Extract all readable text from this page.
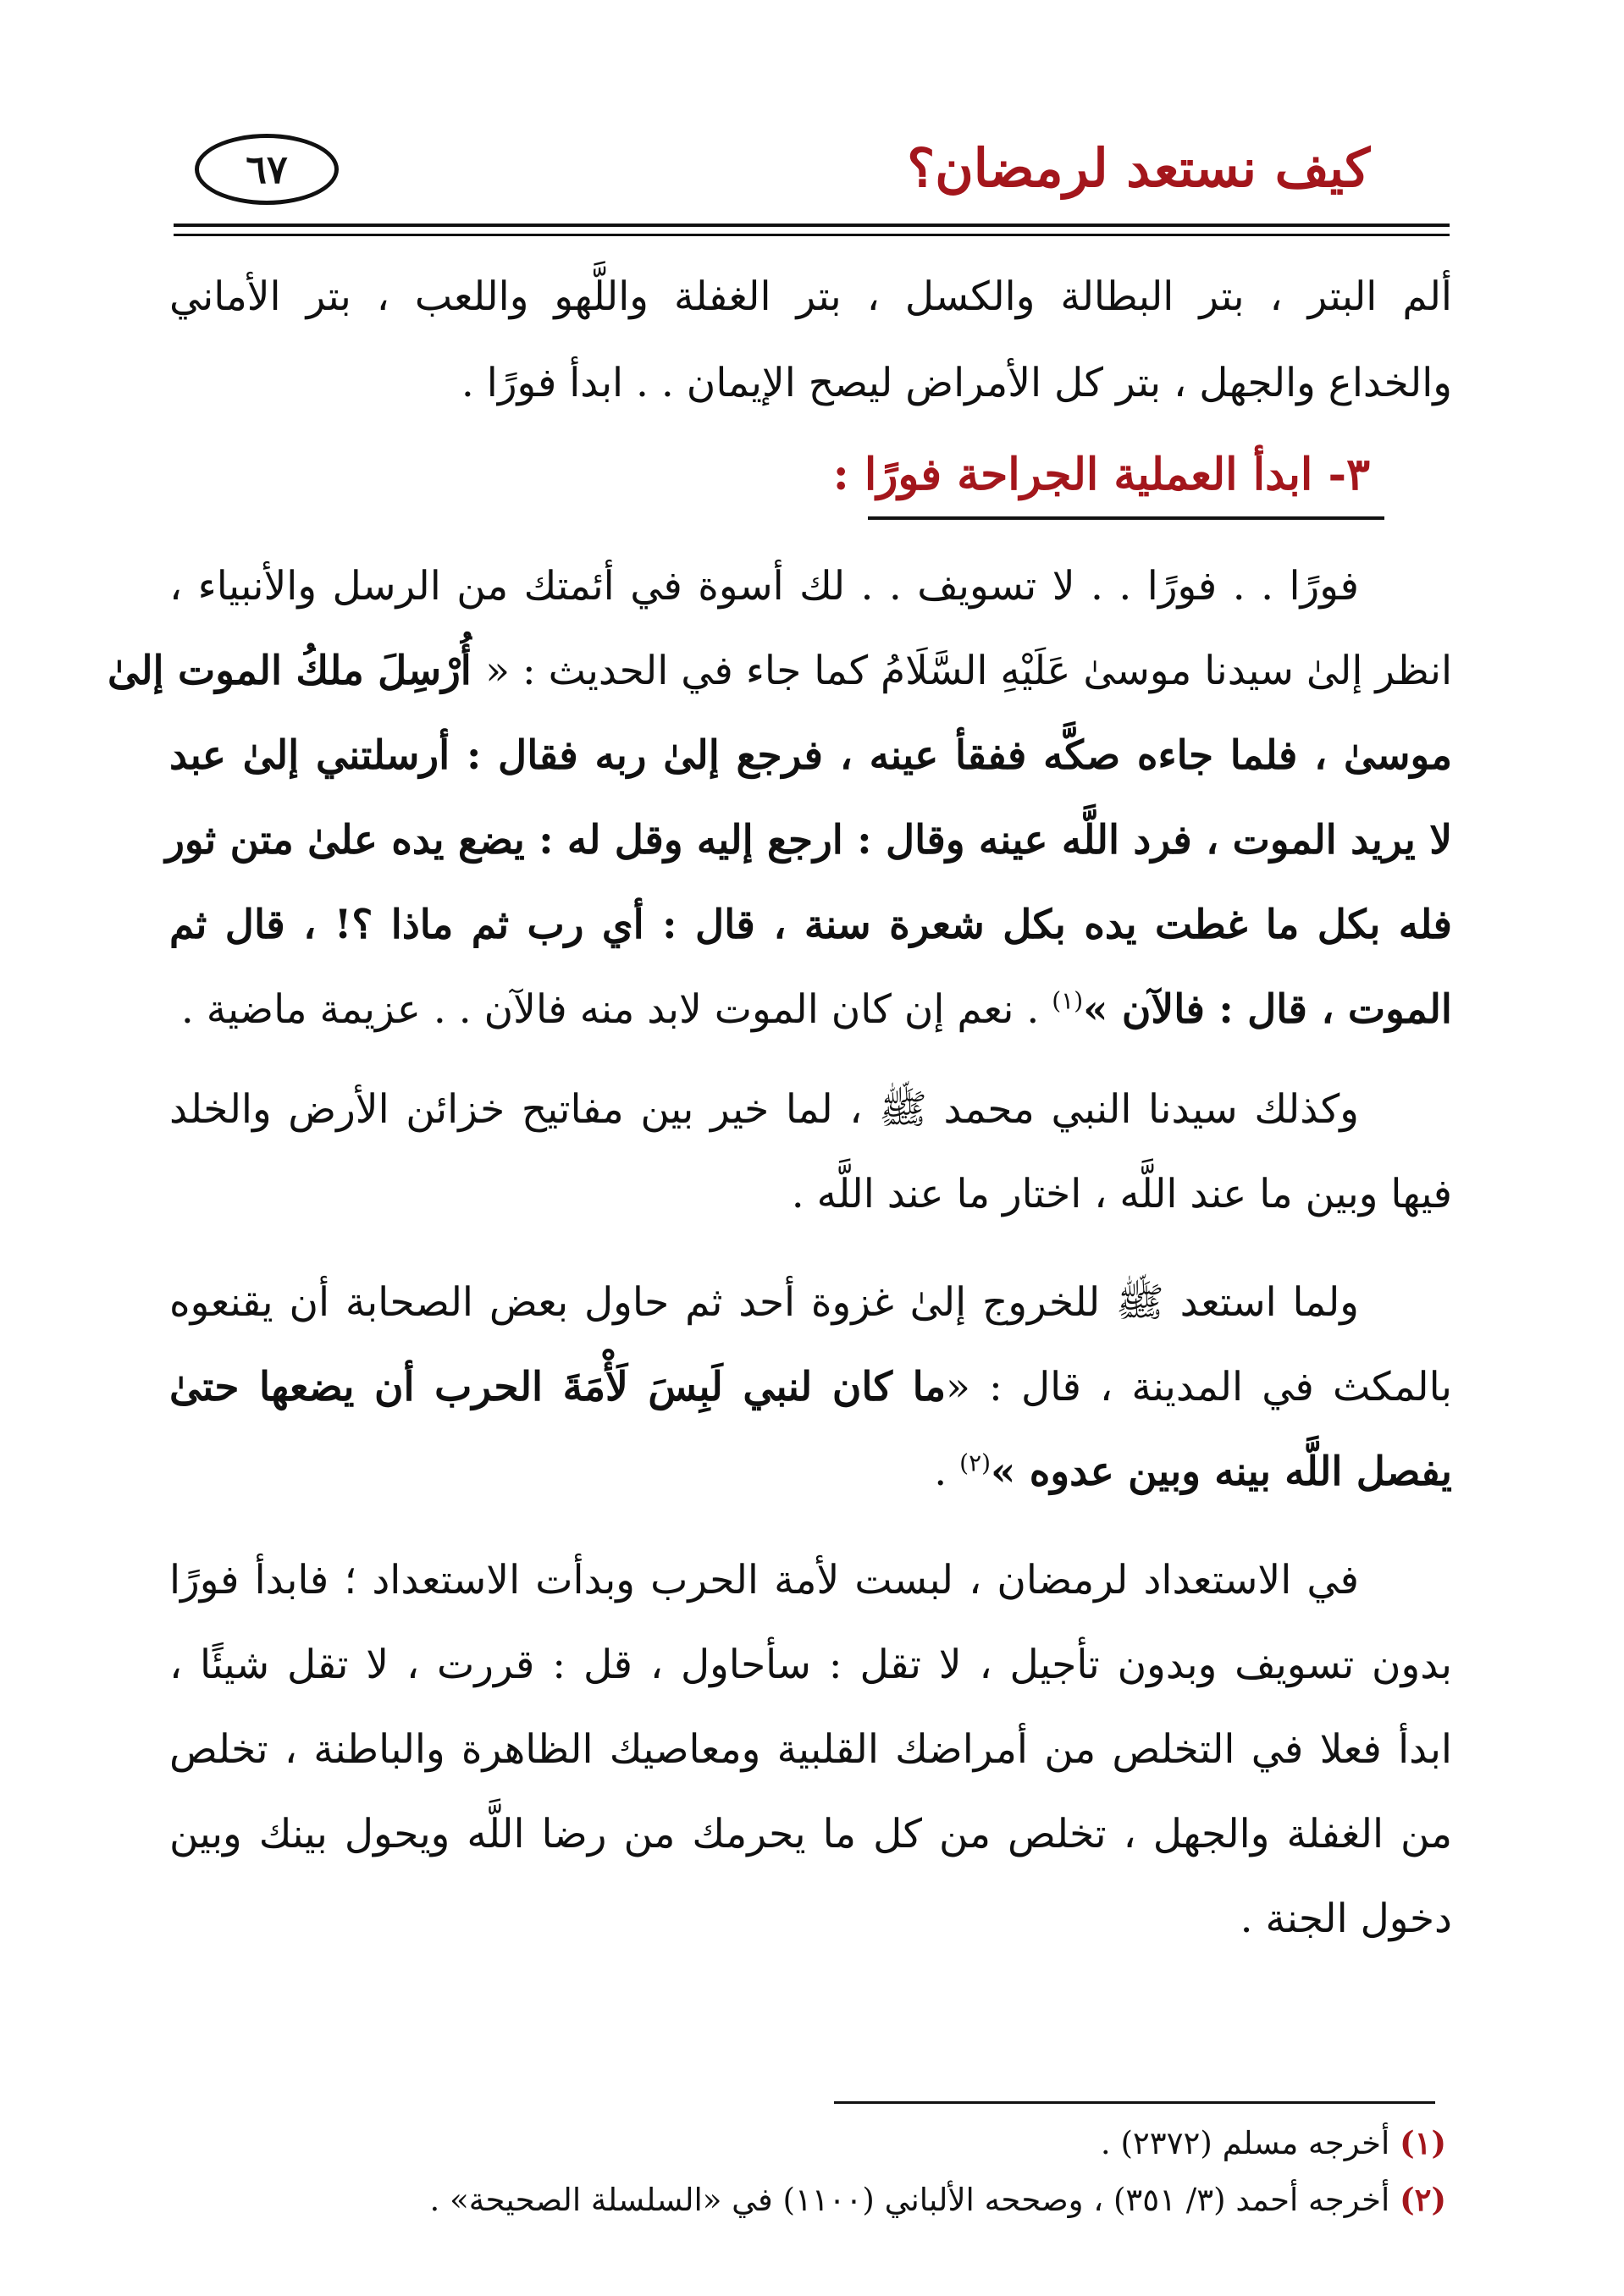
كيف نستعد لرمضان؟
٦٧
ألم البتر ، بتر البطالة والكسل ، بتر الغفلة واللَّهو واللعب ، بتر الأماني
والخداع والجهل ، بتر كل الأمراض ليصح الإيمان . . ابدأ فورًا .
٣- ابدأ العملية الجراحة فورًا :
فورًا . . فورًا . . لا تسويف . . لك أسوة في أئمتك من الرسل والأنبياء ،
انظر إلىٰ سيدنا موسىٰ عَلَيْهِ السَّلَامُ كما جاء في الحديث : « أُرْسِلَ ملكُ الموت إلىٰ
موسىٰ ، فلما جاءه صكَّه ففقأ عينه ، فرجع إلىٰ ربه فقال : أرسلتني إلىٰ عبد
لا يريد الموت ، فرد اللَّه عينه وقال : ارجع إليه وقل له : يضع يده علىٰ متن ثور
فله بكل ما غطت يده بكل شعرة سنة ، قال : أي رب ثم ماذا ؟! ، قال ثم
الموت ، قال : فالآن »$^{(١)}$ . نعم إن كان الموت لابد منه فالآن . . عزيمة ماضية .
وكذلك سيدنا النبي محمد ﷺ ، لما خير بين مفاتيح خزائن الأرض والخلد
فيها وبين ما عند اللَّه ، اختار ما عند اللَّه .
ولما استعد ﷺ للخروج إلىٰ غزوة أحد ثم حاول بعض الصحابة أن يقنعوه
بالمكث في المدينة ، قال : «ما كان لنبي لَبِسَ لَأْمَةَ الحرب أن يضعها حتىٰ
يفصل اللَّه بينه وبين عدوه »$^{(٢)}$ .
في الاستعداد لرمضان ، لبست لأمة الحرب وبدأت الاستعداد ؛ فابدأ فورًا
بدون تسويف وبدون تأجيل ، لا تقل : سأحاول ، قل : قررت ، لا تقل شيئًا ،
ابدأ فعلا في التخلص من أمراضك القلبية ومعاصيك الظاهرة والباطنة ، تخلص
من الغفلة والجهل ، تخلص من كل ما يحرمك من رضا اللَّه ويحول بينك وبين
دخول الجنة .
(١) أخرجه مسلم (٢٣٧٢) .
(٢) أخرجه أحمد (٣/ ٣٥١) ، وصححه الألباني (١١٠٠) في «السلسلة الصحيحة» .
